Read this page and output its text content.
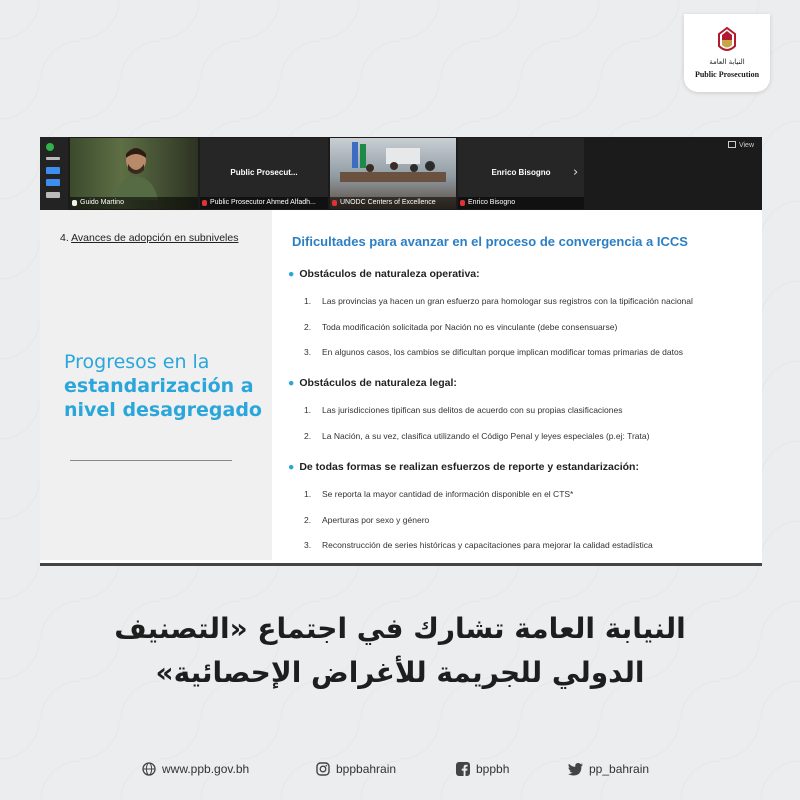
النيابة العامة
Public Prosecution
Guido Martino
Public Prosecut...
Public Prosecutor Ahmed Alfadh...	UNODC Centers of Excellence
Enrico Bisogno
Enrico Bisogno
›
View
4. Avances de adopción en subniveles
Progresos en la
estandarización a
nivel desagregado
Dificultades para avanzar en el proceso de convergencia a ICCS
● Obstáculos de naturaleza operativa:
1. Las provincias ya hacen un gran esfuerzo para homologar sus registros con la tipificación nacional
2. Toda modificación solicitada por Nación no es vinculante (debe consensuarse)
3. En algunos casos, los cambios se dificultan porque implican modificar tomas primarias de datos
● Obstáculos de naturaleza legal:
1. Las jurisdicciones tipifican sus delitos de acuerdo con su propias clasificaciones
2. La Nación, a su vez, clasifica utilizando el Código Penal y leyes especiales (p.ej: Trata)
● De todas formas se realizan esfuerzos de reporte y estandarización:
1. Se reporta la mayor cantidad de información disponible en el CTS*
2. Aperturas por sexo y género
3. Reconstrucción de series históricas y capacitaciones para mejorar la calidad estadística
النيابة العامة تشارك في اجتماع «التصنيف
الدولي للجريمة للأغراض الإحصائية»
www.ppb.gov.bh	bppbahrain	bppbh	pp_bahrain
